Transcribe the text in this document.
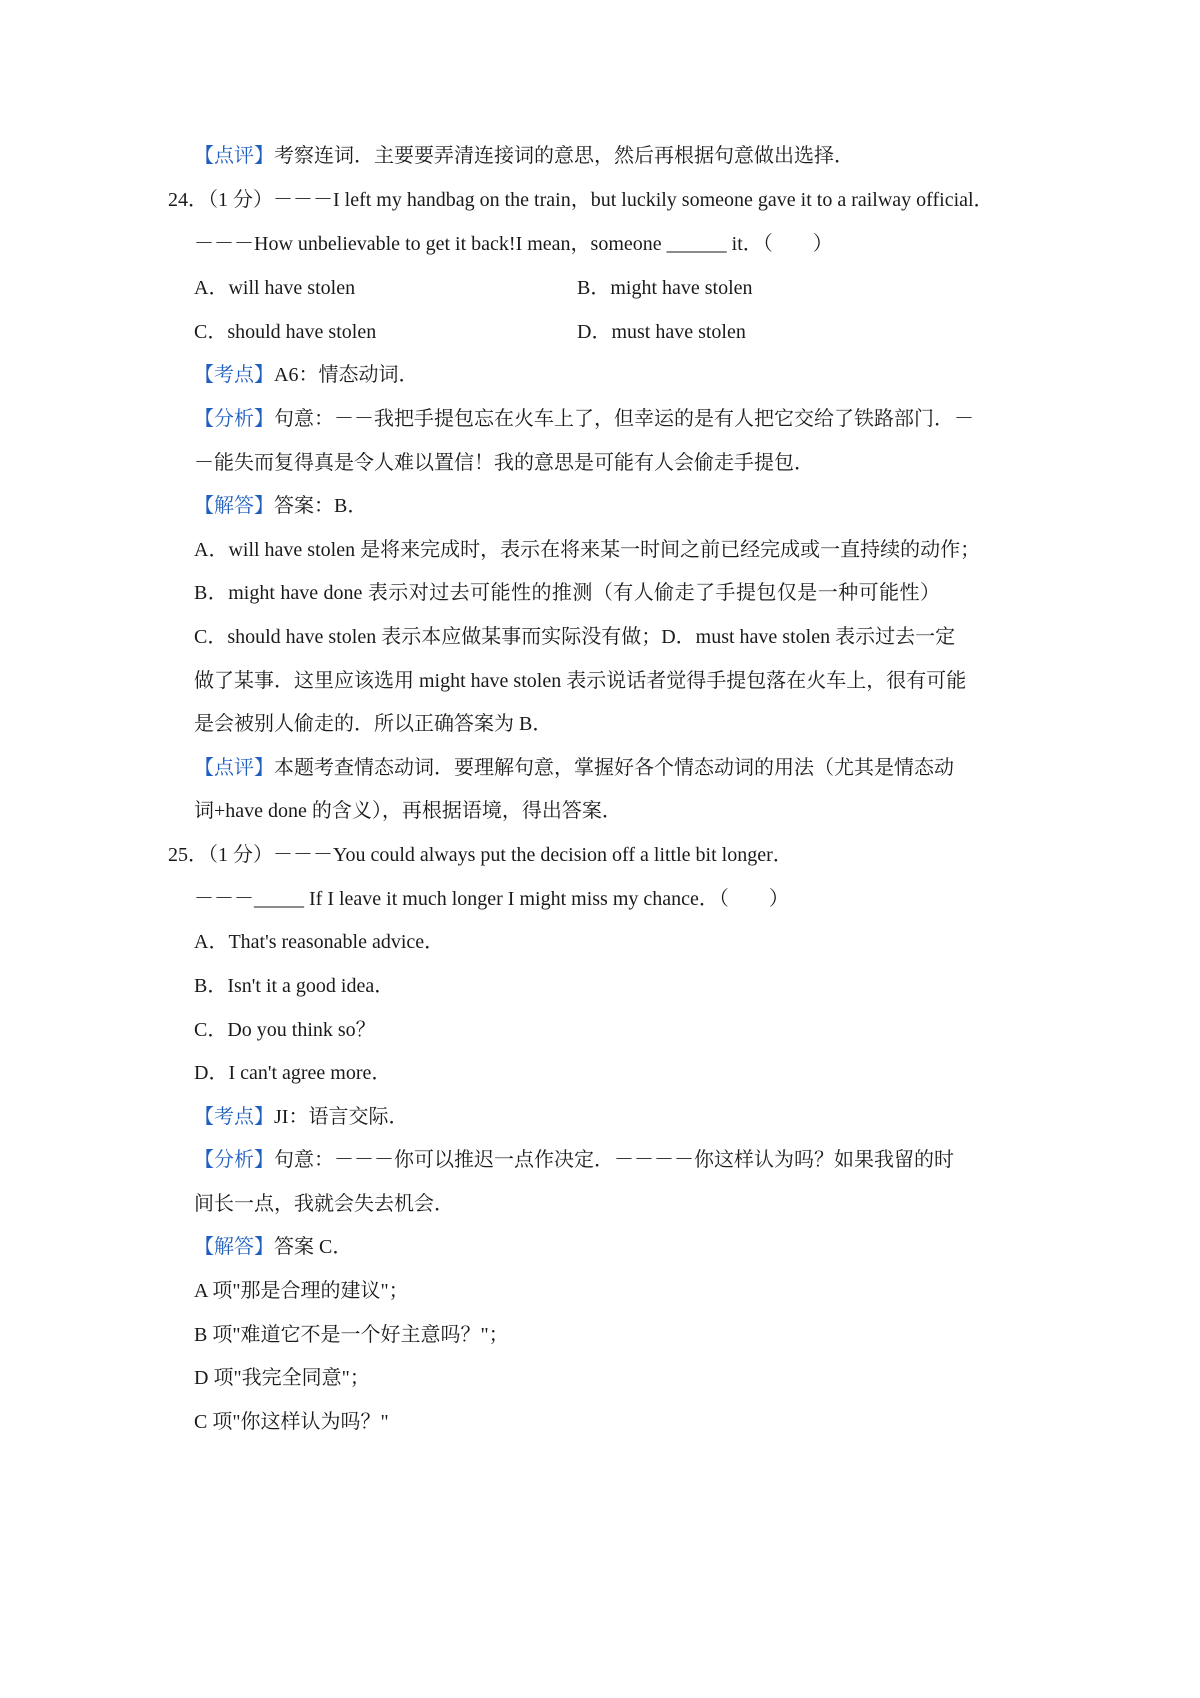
【点评】考察连词．主要要弄清连接词的意思，然后再根据句意做出选择．
24．（1 分）－－－I left my handbag on the train，but luckily someone gave it to a railway official．
－－－How unbelievable to get it back!I mean，someone ______ it．（　　）
A．will have stolen	B．might have stolen
C．should have stolen	D．must have stolen
【考点】A6：情态动词．
【分析】句意：－－我把手提包忘在火车上了，但幸运的是有人把它交给了铁路部门．－
－能失而复得真是令人难以置信！我的意思是可能有人会偷走手提包．
【解答】答案：B．
A．will have stolen 是将来完成时，表示在将来某一时间之前已经完成或一直持续的动作；
B．might have done 表示对过去可能性的推测（有人偷走了手提包仅是一种可能性）
C．should have stolen 表示本应做某事而实际没有做；D．must have stolen 表示过去一定
做了某事．这里应该选用 might have stolen 表示说话者觉得手提包落在火车上，很有可能
是会被别人偷走的．所以正确答案为 B．
【点评】本题考查情态动词．要理解句意，掌握好各个情态动词的用法（尤其是情态动
词+have done 的含义），再根据语境，得出答案．
25．（1 分）－－－You could always put the decision off a little bit longer．
－－－_____ If I leave it much longer I might miss my chance．（　　）
A．That's reasonable advice．
B．Isn't it a good idea．
C．Do you think so？
D．I can't agree more．
【考点】JI：语言交际．
【分析】句意：－－－你可以推迟一点作决定．－－－－你这样认为吗？如果我留的时
间长一点，我就会失去机会．
【解答】答案 C．
A 项"那是合理的建议"；
B 项"难道它不是一个好主意吗？"；
D 项"我完全同意"；
C 项"你这样认为吗？"
